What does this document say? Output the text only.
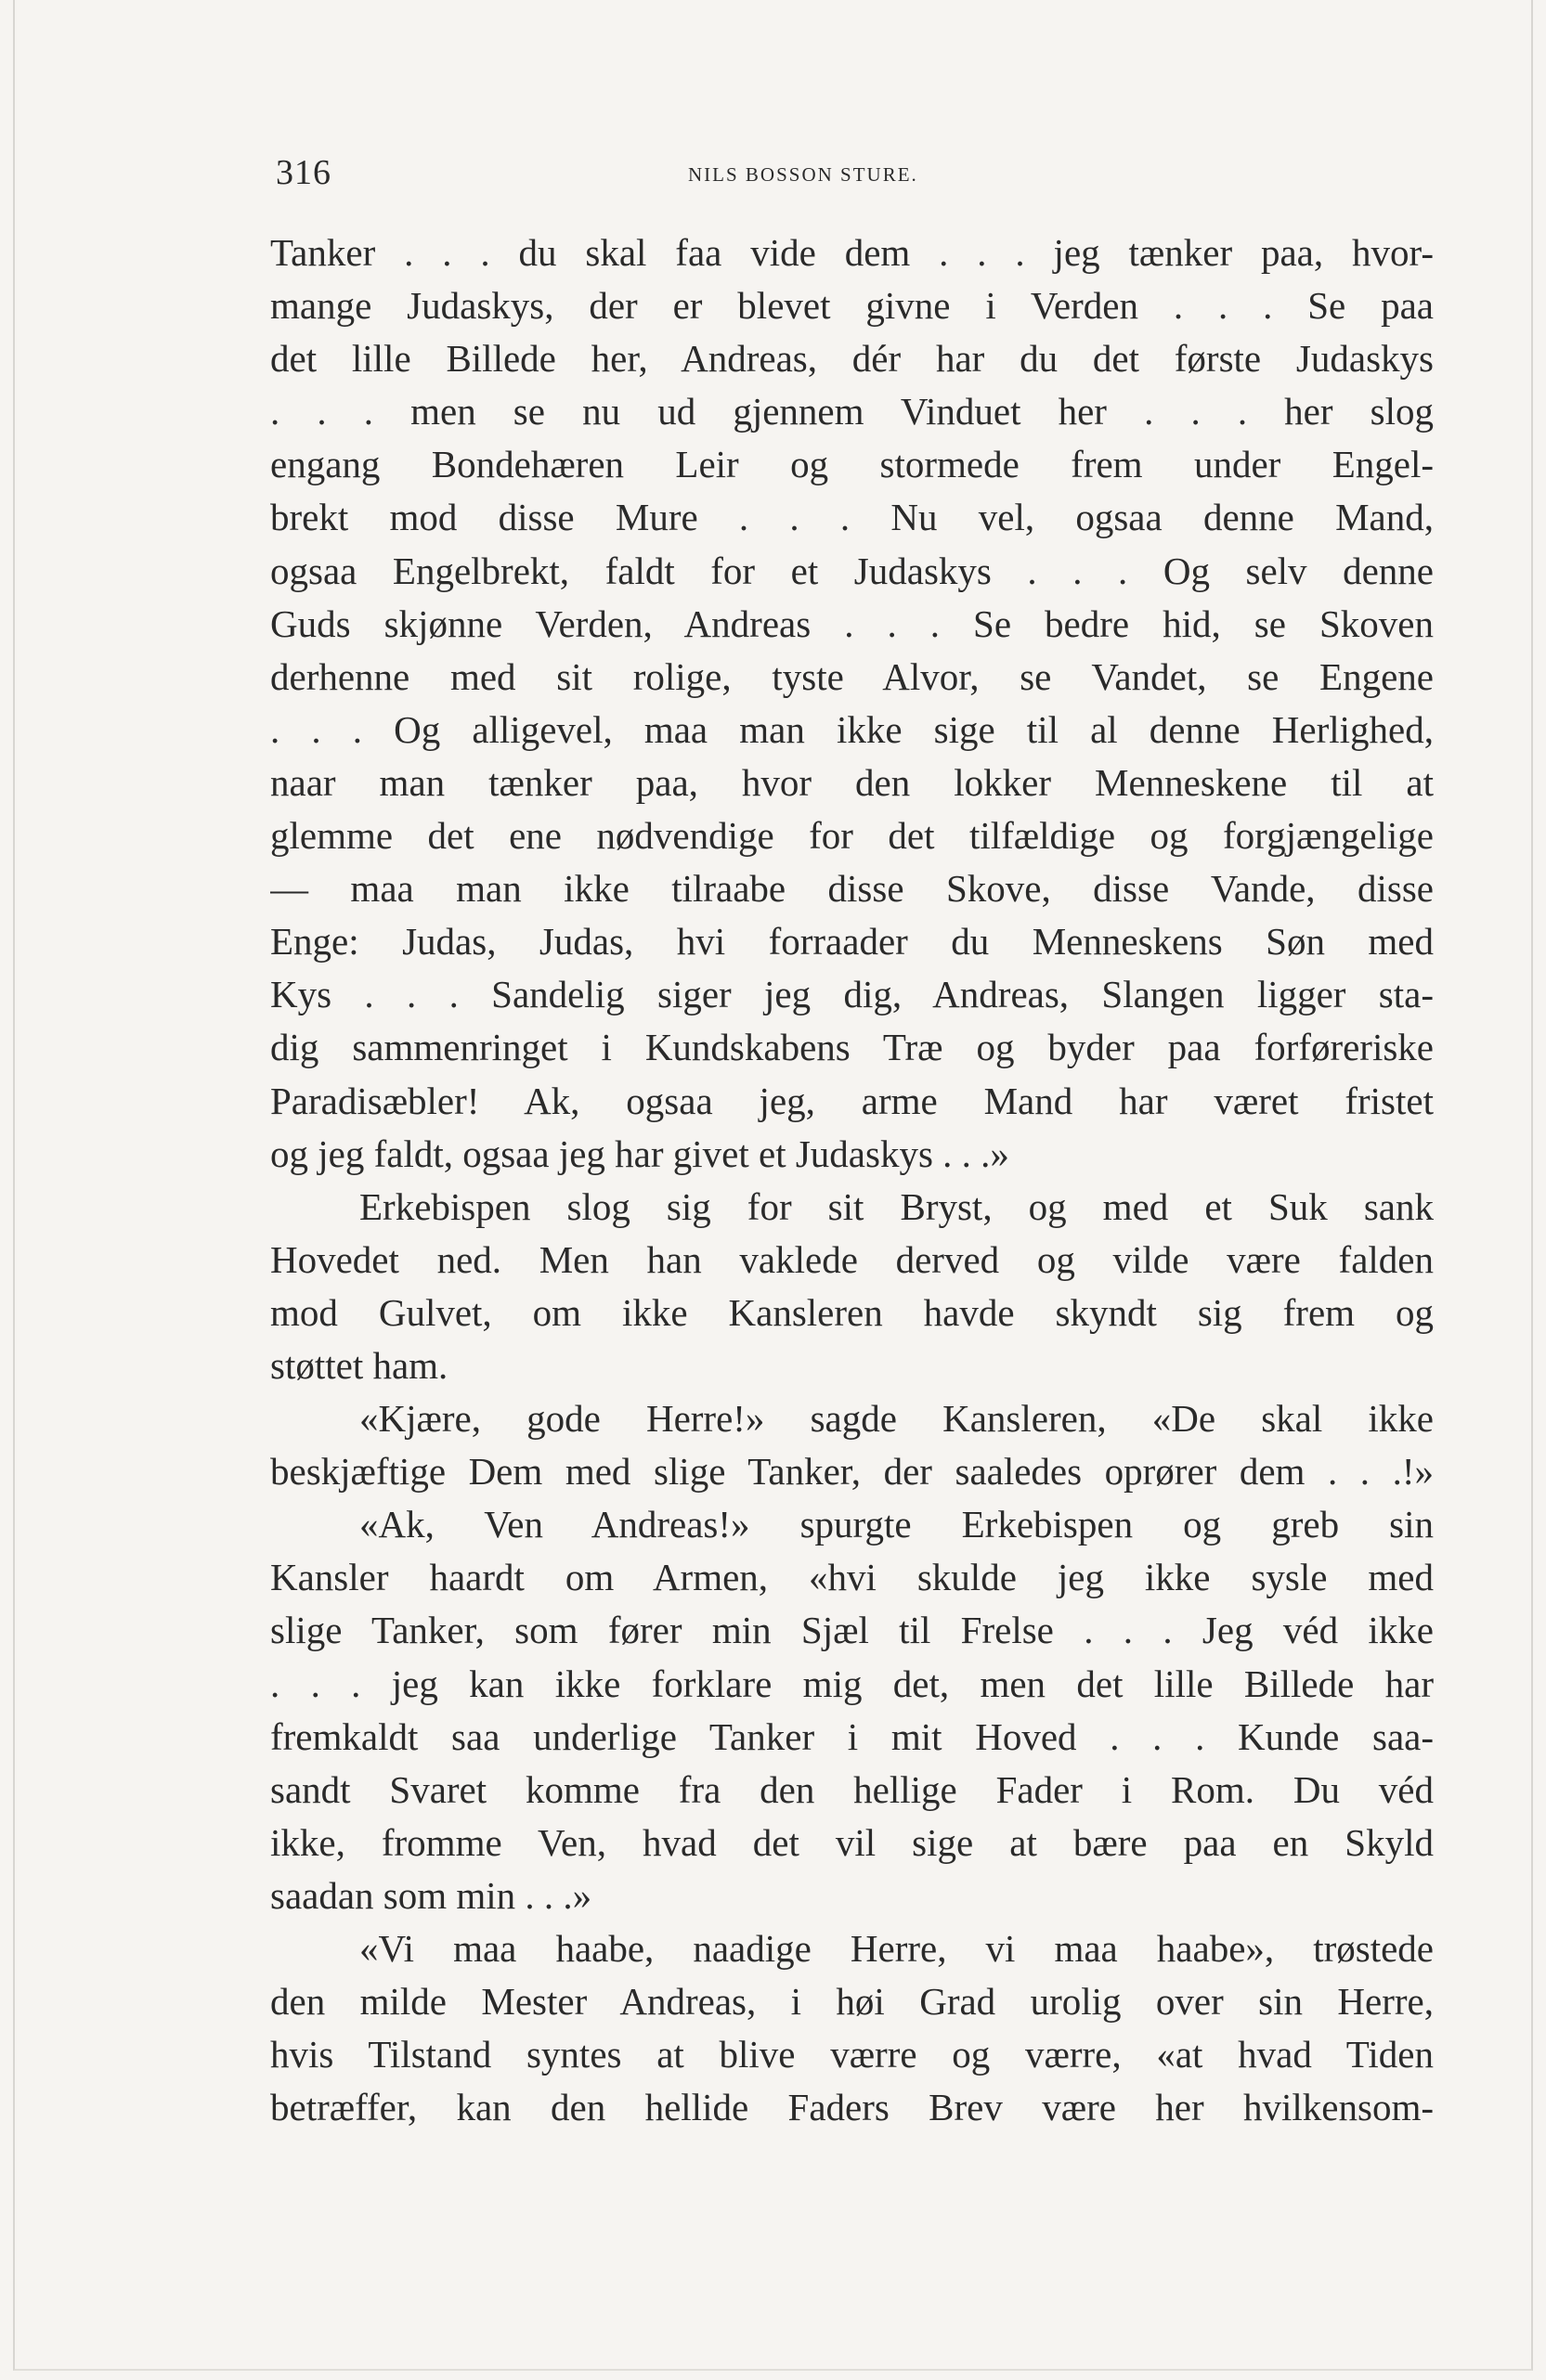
316	NILS BOSSON STURE.
Tanker . . . du skal faa vide dem . . . jeg tænker paa, hvor-
mange Judaskys, der er blevet givne i Verden . . . Se paa
det lille Billede her, Andreas, dér har du det første Judaskys
. . . men se nu ud gjennem Vinduet her . . . her slog
engang Bondehæren Leir og stormede frem under Engel-
brekt mod disse Mure . . . Nu vel, ogsaa denne Mand,
ogsaa Engelbrekt, faldt for et Judaskys . . . Og selv denne
Guds skjønne Verden, Andreas . . . Se bedre hid, se Skoven
derhenne med sit rolige, tyste Alvor, se Vandet, se Engene
. . . Og alligevel, maa man ikke sige til al denne Herlighed,
naar man tænker paa, hvor den lokker Menneskene til at
glemme det ene nødvendige for det tilfældige og forgjængelige
— maa man ikke tilraabe disse Skove, disse Vande, disse
Enge: Judas, Judas, hvi forraader du Menneskens Søn med
Kys . . . Sandelig siger jeg dig, Andreas, Slangen ligger sta-
dig sammenringet i Kundskabens Træ og byder paa forføreriske
Paradisæbler! Ak, ogsaa jeg, arme Mand har været fristet
og jeg faldt, ogsaa jeg har givet et Judaskys . . .»
Erkebispen slog sig for sit Bryst, og med et Suk sank
Hovedet ned. Men han vaklede derved og vilde være falden
mod Gulvet, om ikke Kansleren havde skyndt sig frem og
støttet ham.
«Kjære, gode Herre!» sagde Kansleren, «De skal ikke
beskjæftige Dem med slige Tanker, der saaledes oprører dem . . .!»
«Ak, Ven Andreas!» spurgte Erkebispen og greb sin
Kansler haardt om Armen, «hvi skulde jeg ikke sysle med
slige Tanker, som fører min Sjæl til Frelse . . . Jeg véd ikke
. . . jeg kan ikke forklare mig det, men det lille Billede har
fremkaldt saa underlige Tanker i mit Hoved . . . Kunde saa-
sandt Svaret komme fra den hellige Fader i Rom. Du véd
ikke, fromme Ven, hvad det vil sige at bære paa en Skyld
saadan som min . . .»
«Vi maa haabe, naadige Herre, vi maa haabe», trøstede
den milde Mester Andreas, i høi Grad urolig over sin Herre,
hvis Tilstand syntes at blive værre og værre, «at hvad Tiden
betræffer, kan den hellide Faders Brev være her hvilkensom-
